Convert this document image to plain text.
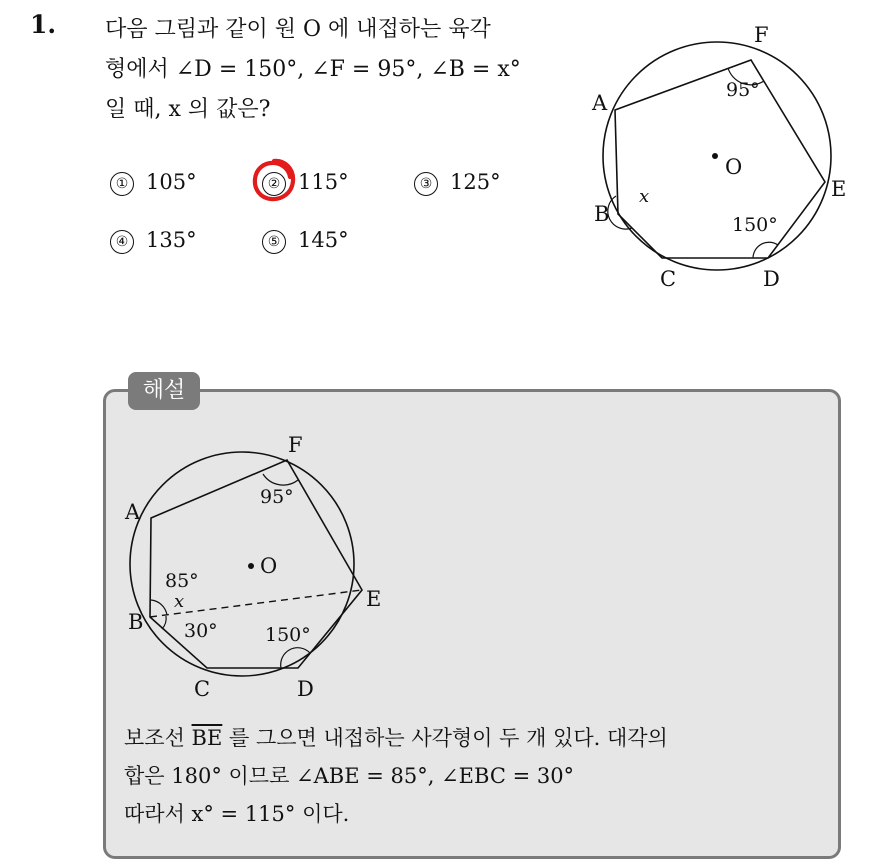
1. 다음 그림과 같이 원 O 에 내접하는 육각
형에서 ∠D = 150°, ∠F = 95°, ∠B = x°
일 때, x 의 값은?
① 105°	② 115°	③ 125°
④ 135°	⑤ 145°
O
A
F
E
B
C	D
95°
150°
x
해설
O
A
F
E
B
C	D
95°
85°
x
30° 150°
보조선 $\overline{BE}$ 를 그으면 내접하는 사각형이 두 개 있다. 대각의
합은 180° 이므로 ∠ABE = 85°, ∠EBC = 30°
따라서 x° = 115° 이다.
